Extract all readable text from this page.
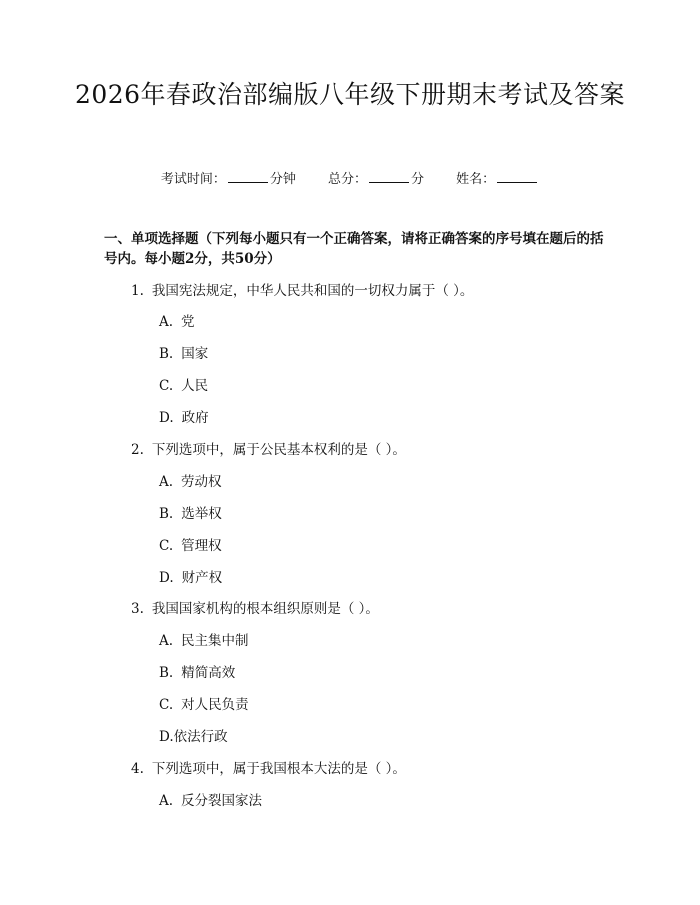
2026年春政治部编版八年级下册期末考试及答案
考试时间：	分钟 总分：	分 姓名：
一、单项选择题（下列每小题只有一个正确答案，请将正确答案的序号填在题后的括号内。每小题2分，共50分）
1. 我国宪法规定，中华人民共和国的一切权力属于（ ）。
A. 党
B. 国家
C. 人民
D. 政府
2. 下列选项中，属于公民基本权利的是（ ）。
A. 劳动权
B. 选举权
C. 管理权
D. 财产权
3. 我国国家机构的根本组织原则是（ ）。
A. 民主集中制
B. 精简高效
C. 对人民负责
D.依法行政
4. 下列选项中，属于我国根本大法的是（ ）。
A. 反分裂国家法
